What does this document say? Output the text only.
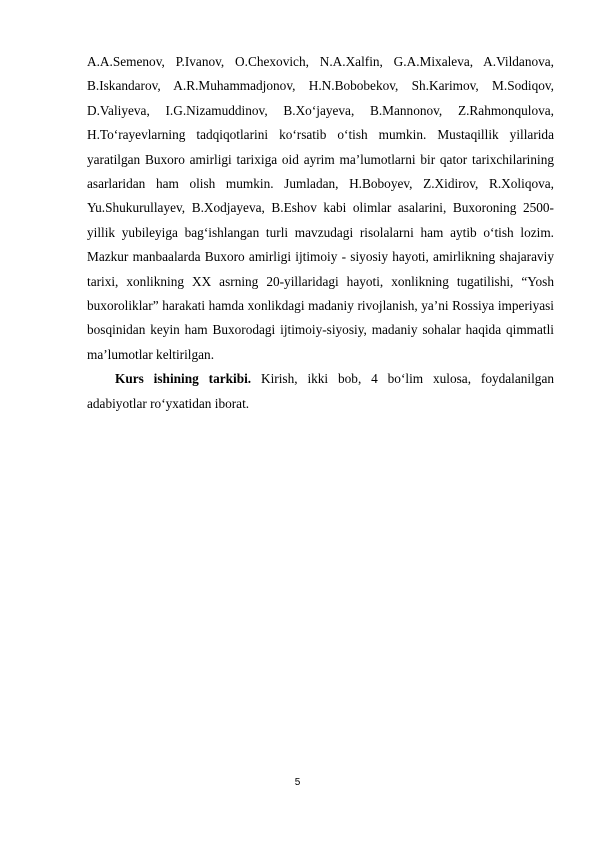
A.A.Semenov, P.Ivanov, O.Chexovich, N.A.Xalfin, G.A.Mixaleva, A.Vildanova, B.Iskandarov, A.R.Muhammadjonov, H.N.Bobobekov, Sh.Karimov, M.Sodiqov, D.Valiyeva, I.G.Nizamuddinov, B.Xoʻjayeva, B.Mannonov, Z.Rahmonqulova, H.Toʻrayevlarning tadqiqotlarini koʻrsatib oʻtish mumkin. Mustaqillik yillarida yaratilgan Buxoro amirligi tarixiga oid ayrim ma’lumotlarni bir qator tarixchilarining asarlaridan ham olish mumkin. Jumladan, H.Boboyev, Z.Xidirov, R.Xoliqova, Yu.Shukurullayev, B.Xodjayeva, B.Eshov kabi olimlar asalarini, Buxoroning 2500-yillik yubileyiga bagʻishlangan turli mavzudagi risolalarni ham aytib oʻtish lozim. Mazkur manbaalarda Buxoro amirligi ijtimoiy - siyosiy hayoti, amirlikning shajaraviy tarixi, xonlikning XX asrning 20-yillaridagi hayoti, xonlikning tugatilishi, “Yosh buxoroliklar” harakati hamda xonlikdagi madaniy rivojlanish, ya’ni Rossiya imperiyasi bosqinidan keyin ham Buxorodagi ijtimoiy-siyosiy, madaniy sohalar haqida qimmatli ma’lumotlar keltirilgan.

Kurs ishining tarkibi. Kirish, ikki bob, 4 boʻlim xulosa, foydalanilgan adabiyotlar roʻyxatidan iborat.

5
